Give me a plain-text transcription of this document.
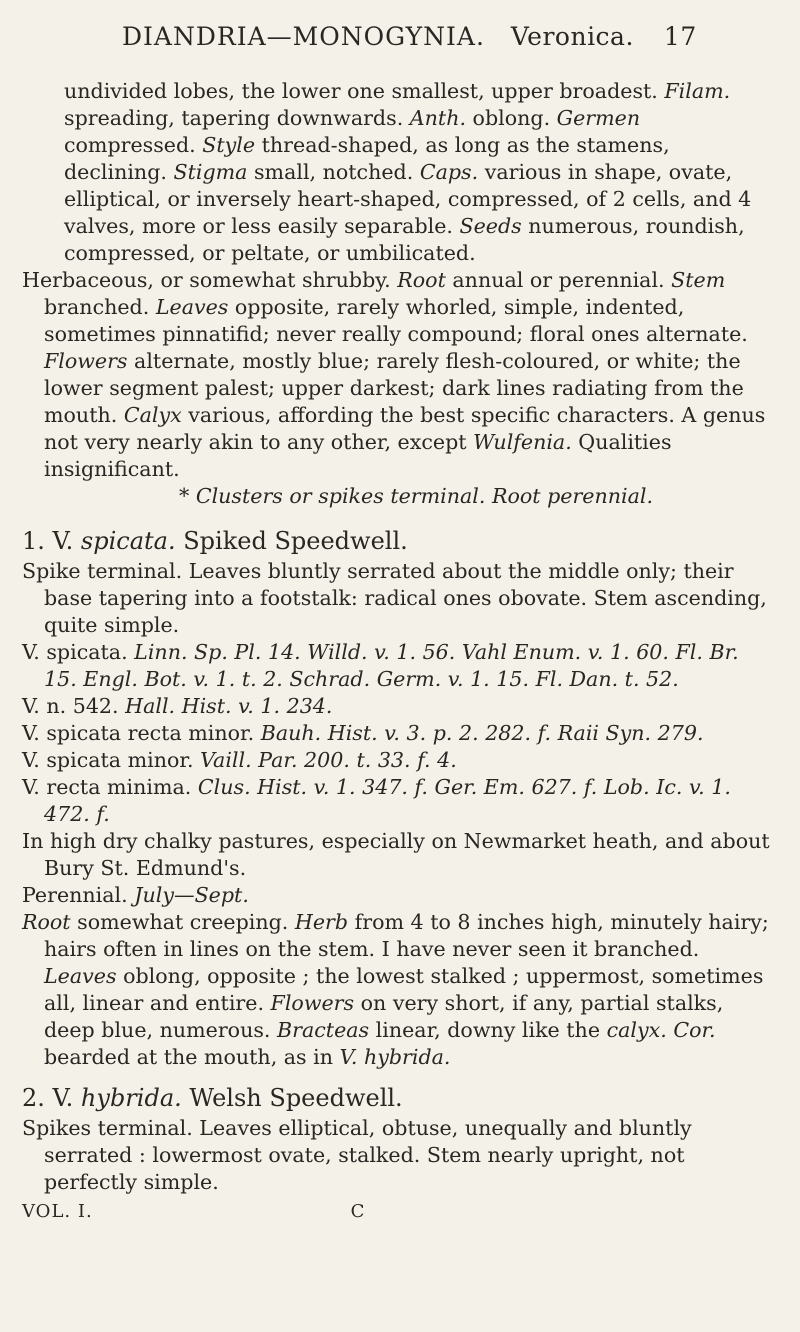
DIANDRIA—MONOGYNIA. Veronica. 17

undivided lobes, the lower one smallest, upper broadest. Filam. spreading, tapering downwards. Anth. oblong. Germen compressed. Style thread-shaped, as long as the stamens, declining. Stigma small, notched. Caps. various in shape, ovate, elliptical, or inversely heart-shaped, compressed, of 2 cells, and 4 valves, more or less easily separable. Seeds numerous, roundish, compressed, or peltate, or umbilicated.

Herbaceous, or somewhat shrubby. Root annual or perennial. Stem branched. Leaves opposite, rarely whorled, simple, indented, sometimes pinnatifid; never really compound; floral ones alternate. Flowers alternate, mostly blue; rarely flesh-coloured, or white; the lower segment palest; upper darkest; dark lines radiating from the mouth. Calyx various, affording the best specific characters. A genus not very nearly akin to any other, except Wulfenia. Qualities insignificant.

* Clusters or spikes terminal. Root perennial.

1. V. spicata. Spiked Speedwell.

Spike terminal. Leaves bluntly serrated about the middle only; their base tapering into a footstalk: radical ones obovate. Stem ascending, quite simple.

V. spicata. Linn. Sp. Pl. 14. Willd. v. 1. 56. Vahl Enum. v. 1. 60. Fl. Br. 15. Engl. Bot. v. 1. t. 2. Schrad. Germ. v. 1. 15. Fl. Dan. t. 52.

V. n. 542. Hall. Hist. v. 1. 234.

V. spicata recta minor. Bauh. Hist. v. 3. p. 2. 282. f. Raii Syn. 279.

V. spicata minor. Vaill. Par. 200. t. 33. f. 4.

V. recta minima. Clus. Hist. v. 1. 347. f. Ger. Em. 627. f. Lob. Ic. v. 1. 472. f.

In high dry chalky pastures, especially on Newmarket heath, and about Bury St. Edmund's.

Perennial. July—Sept.

Root somewhat creeping. Herb from 4 to 8 inches high, minutely hairy; hairs often in lines on the stem. I have never seen it branched. Leaves oblong, opposite ; the lowest stalked ; uppermost, sometimes all, linear and entire. Flowers on very short, if any, partial stalks, deep blue, numerous. Bracteas linear, downy like the calyx. Cor. bearded at the mouth, as in V. hybrida.

2. V. hybrida. Welsh Speedwell.

Spikes terminal. Leaves elliptical, obtuse, unequally and bluntly serrated : lowermost ovate, stalked. Stem nearly upright, not perfectly simple.

VOL. I.	C
